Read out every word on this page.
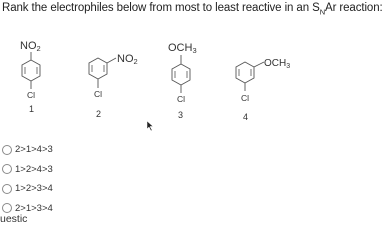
Rank the electrophiles below from most to least reactive in an $S_NAr$ reaction:
NO2
Cl
1
NO2
Cl
2
OCH3
Cl
3
$OCH_3$
Cl
4
2>1>4>3
1>2>4>3
1>2>3>4
2>1>3>4
uestic
